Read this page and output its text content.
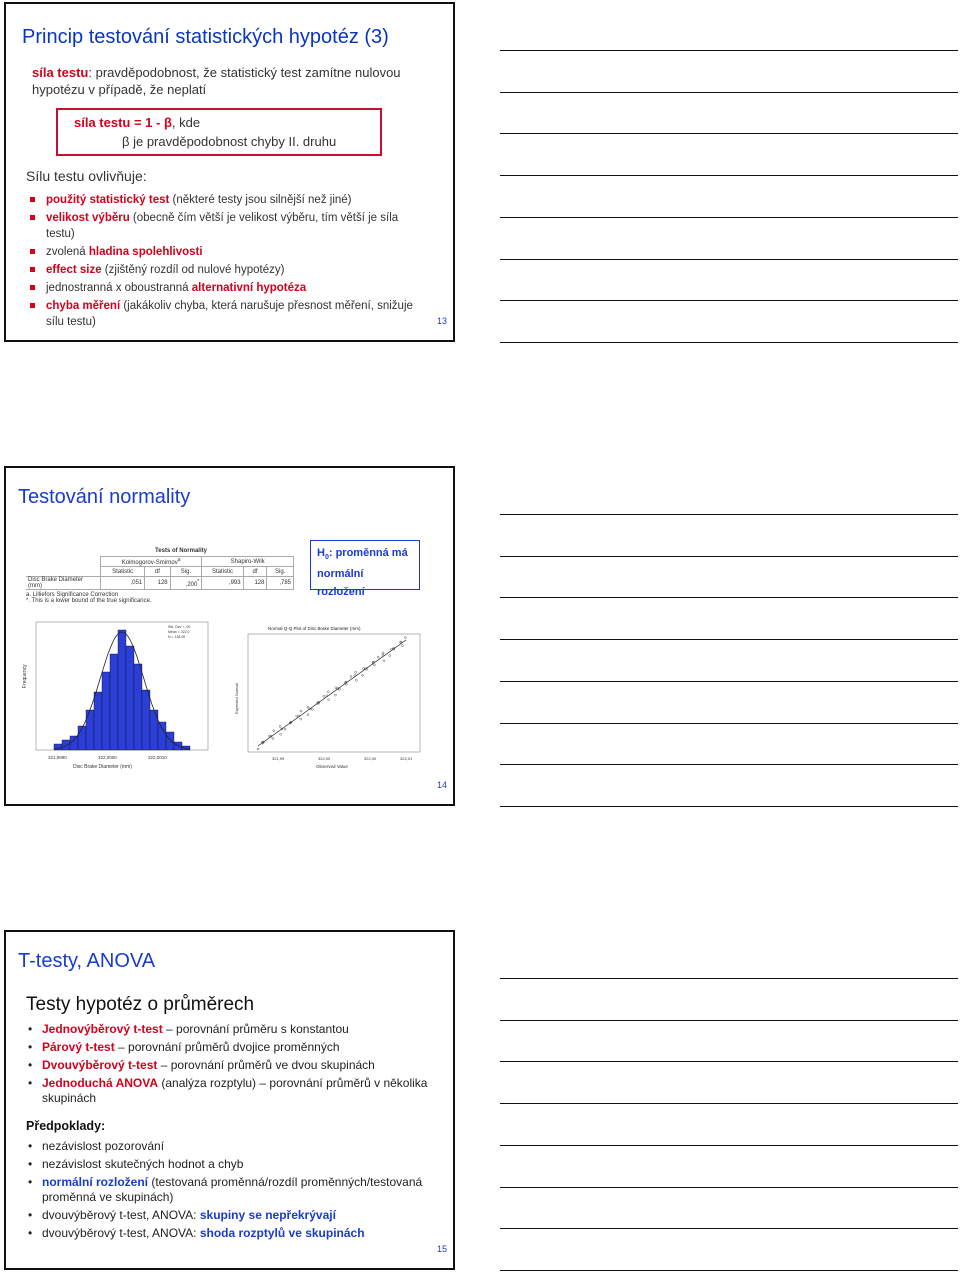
Princip testování statistických hypotéz (3)
síla testu: pravděpodobnost, že statistický test zamítne nulovou hypotézu v případě, že neplatí
síla testu = 1 - β, kde
β je pravděpodobnost chyby II. druhu
Sílu testu ovlivňuje:
použitý statistický test (některé testy jsou silnější než jiné)
velikost výběru (obecně čím větší je velikost výběru, tím větší je síla testu)
zvolená hladina spolehlivosti
effect size (zjištěný rozdíl od nulové hypotézy)
jednostranná x oboustranná alternativní hypotéza
chyba měření (jakákoliv chyba, která narušuje přesnost měření, snižuje sílu testu)	13
Testování normality
Tests of Normality
	Kolmogorov-Smirnov$^a$			Shapiro-Wilk		
	Statistic	df	Sig.	Statistic	df	Sig.
Disc Brake Diameter (mm)	,051	128	,200*	,993	128	,785
a. Lilliefors Significance Correction
*. This is a lower bound of the true significance.
$H_0$: proměnná má normální rozložení
Frequency
321,9990	322,0000	322,0010
Disc Brake Diameter (mm)
Std. Dev = ,00
Mean = 322,0
N = 128,00
Normal Q-Q Plot of Disc Brake Diameter (mm)
Expected Normal
321,99	322,00	322,00	322,01
Observed Value
14
T-testy, ANOVA
Testy hypotéz o průměrech
• Jednovýběrový t-test – porovnání průměru s konstantou
• Párový t-test – porovnání průměrů dvojice proměnných
• Dvouvýběrový t-test – porovnání průměrů ve dvou skupinách
• Jednoduchá ANOVA (analýza rozptylu) – porovnání průměrů v několika skupinách
Předpoklady:
• nezávislost pozorování
• nezávislost skutečných hodnot a chyb
• normální rozložení (testovaná proměnná/rozdíl proměnných/testovaná proměnná ve skupinách)
• dvouvýběrový t-test, ANOVA: skupiny se nepřekrývají
• dvouvýběrový t-test, ANOVA: shoda rozptylů ve skupinách
15
